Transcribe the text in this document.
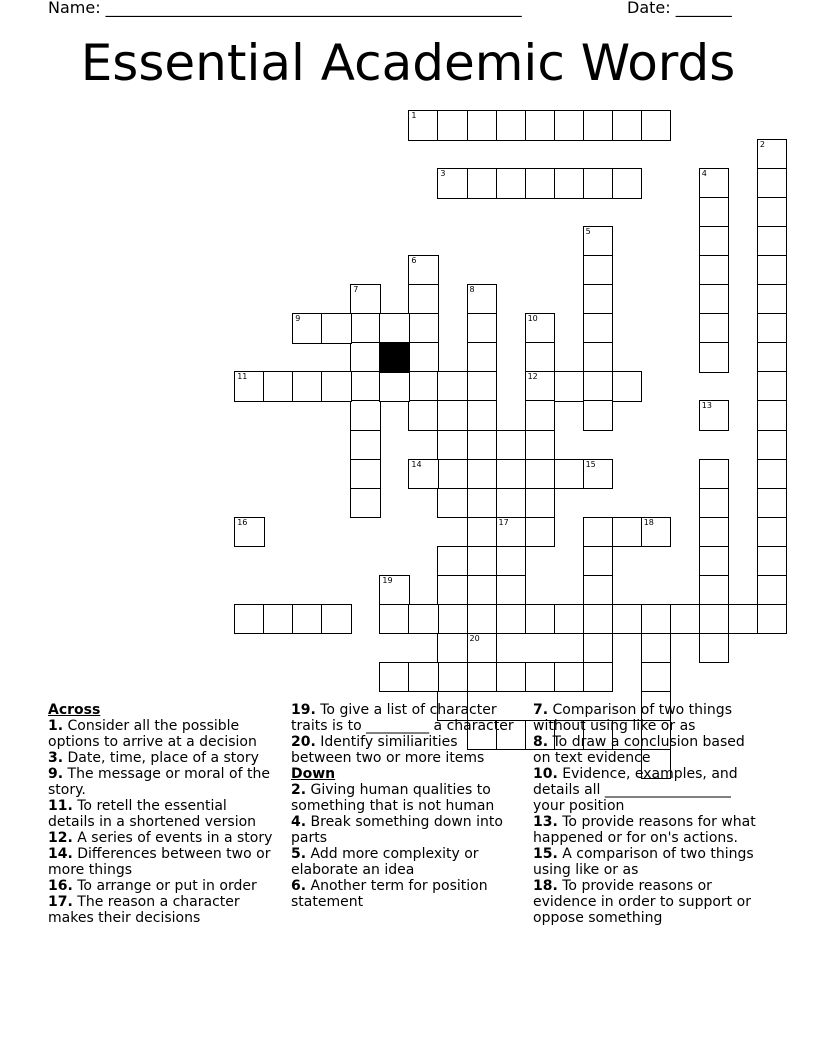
Name: ____________________________________________________	Date: _______
Essential Academic Words
1
2
3	4
5
6
7	8
9	10
12
11
13
14	15
16	17	18
19
20
Across
1. Consider all the possible options to arrive at a decision
3. Date, time, place of a story
9. The message or moral of the story.
11. To retell the essential details in a shortened version
12. A series of events in a story
14. Differences between two or more things
16. To arrange or put in order
17. The reason a character makes their decisions
19. To give a list of character traits is to _________ a character
20. Identify similiarities between two or more items
Down
2. Giving human qualities to something that is not human
4. Break something down into parts
5. Add more complexity or elaborate an idea
6. Another term for position statement
7. Comparison of two things without using like or as
8. To draw a conclusion based on text evidence
10. Evidence, examples, and details all __________________ your position
13. To provide reasons for what happened or for on's actions.
15. A comparison of two things using like or as
18. To provide reasons or evidence in order to support or oppose something
